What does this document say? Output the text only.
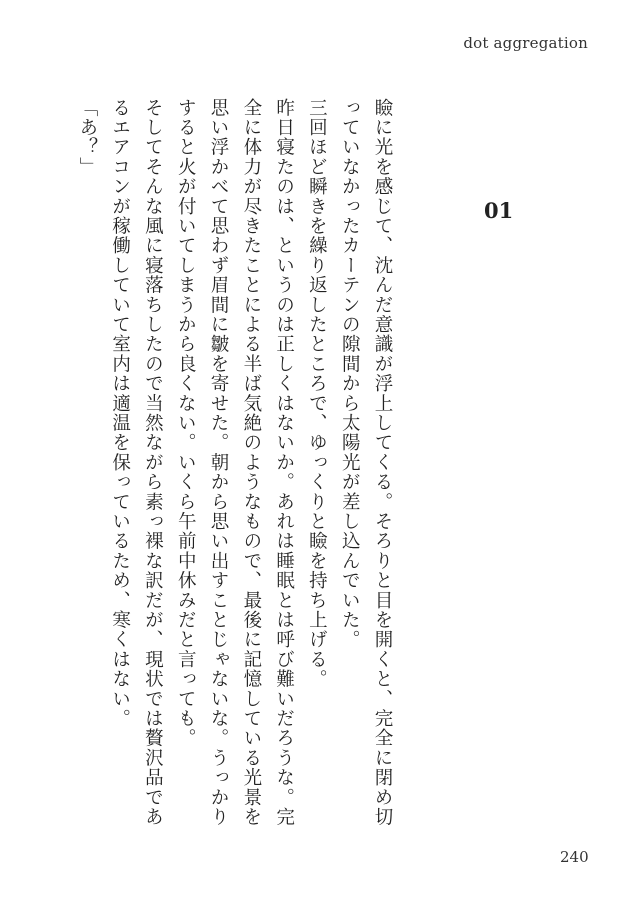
dot aggregation
01

瞼に光を感じて、沈んだ意識が浮上してくる。そろりと目を開くと、完全に閉め切っていなかったカーテンの隙間から太陽光が差し込んでいた。

三回ほど瞬きを繰り返したところで、ゆっくりと瞼を持ち上げる。

昨日寝たのは、というのは正しくはないか。あれは睡眠とは呼び難いだろうな。完全に体力が尽きたことによる半ば気絶のようなもので、最後に記憶している光景を思い浮かべて思わず眉間に皺を寄せた。朝から思い出すことじゃないな。うっかりすると火が付いてしまうから良くない。いくら午前中休みだと言っても。

そしてそんな風に寝落ちしたので当然ながら素っ裸な訳だが、現状では贅沢品であるエアコンが稼働していて室内は適温を保っているため、寒くはない。

「あ？」

240
